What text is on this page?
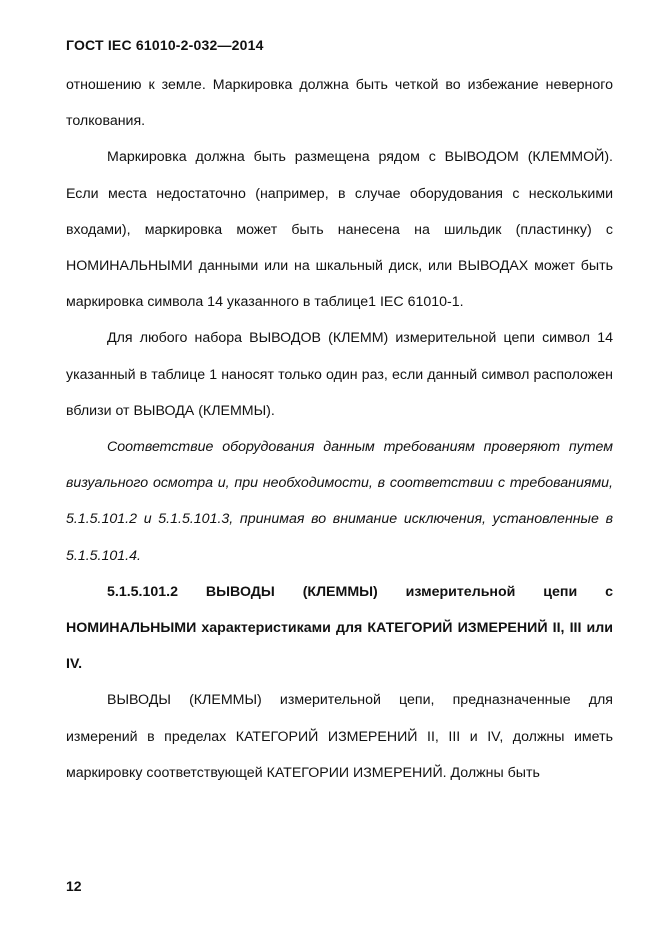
ГОСТ IEC 61010-2-032—2014

отношению к земле. Маркировка должна быть четкой во избежание неверного толкования.

Маркировка должна быть размещена рядом с ВЫВОДОМ (КЛЕММОЙ). Если места недостаточно (например, в случае оборудования с несколькими входами), маркировка может быть нанесена на шильдик (пластинку) с НОМИНАЛЬНЫМИ данными или на шкальный диск, или ВЫВОДАХ может быть маркировка символа 14 указанного в таблице1 IEC 61010-1.

Для любого набора ВЫВОДОВ (КЛЕММ) измерительной цепи символ 14 указанный в таблице 1 наносят только один раз, если данный символ расположен вблизи от ВЫВОДА (КЛЕММЫ).

Соответствие оборудования данным требованиям проверяют путем визуального осмотра и, при необходимости, в соответствии с требованиями, 5.1.5.101.2 и 5.1.5.101.3, принимая во внимание исключения, установленные в 5.1.5.101.4.

5.1.5.101.2 ВЫВОДЫ (КЛЕММЫ) измерительной цепи с НОМИНАЛЬНЫМИ характеристиками для КАТЕГОРИЙ ИЗМЕРЕНИЙ II, III или IV.

ВЫВОДЫ (КЛЕММЫ) измерительной цепи, предназначенные для измерений в пределах КАТЕГОРИЙ ИЗМЕРЕНИЙ II, III и IV, должны иметь маркировку соответствующей КАТЕГОРИИ ИЗМЕРЕНИЙ. Должны быть

12
